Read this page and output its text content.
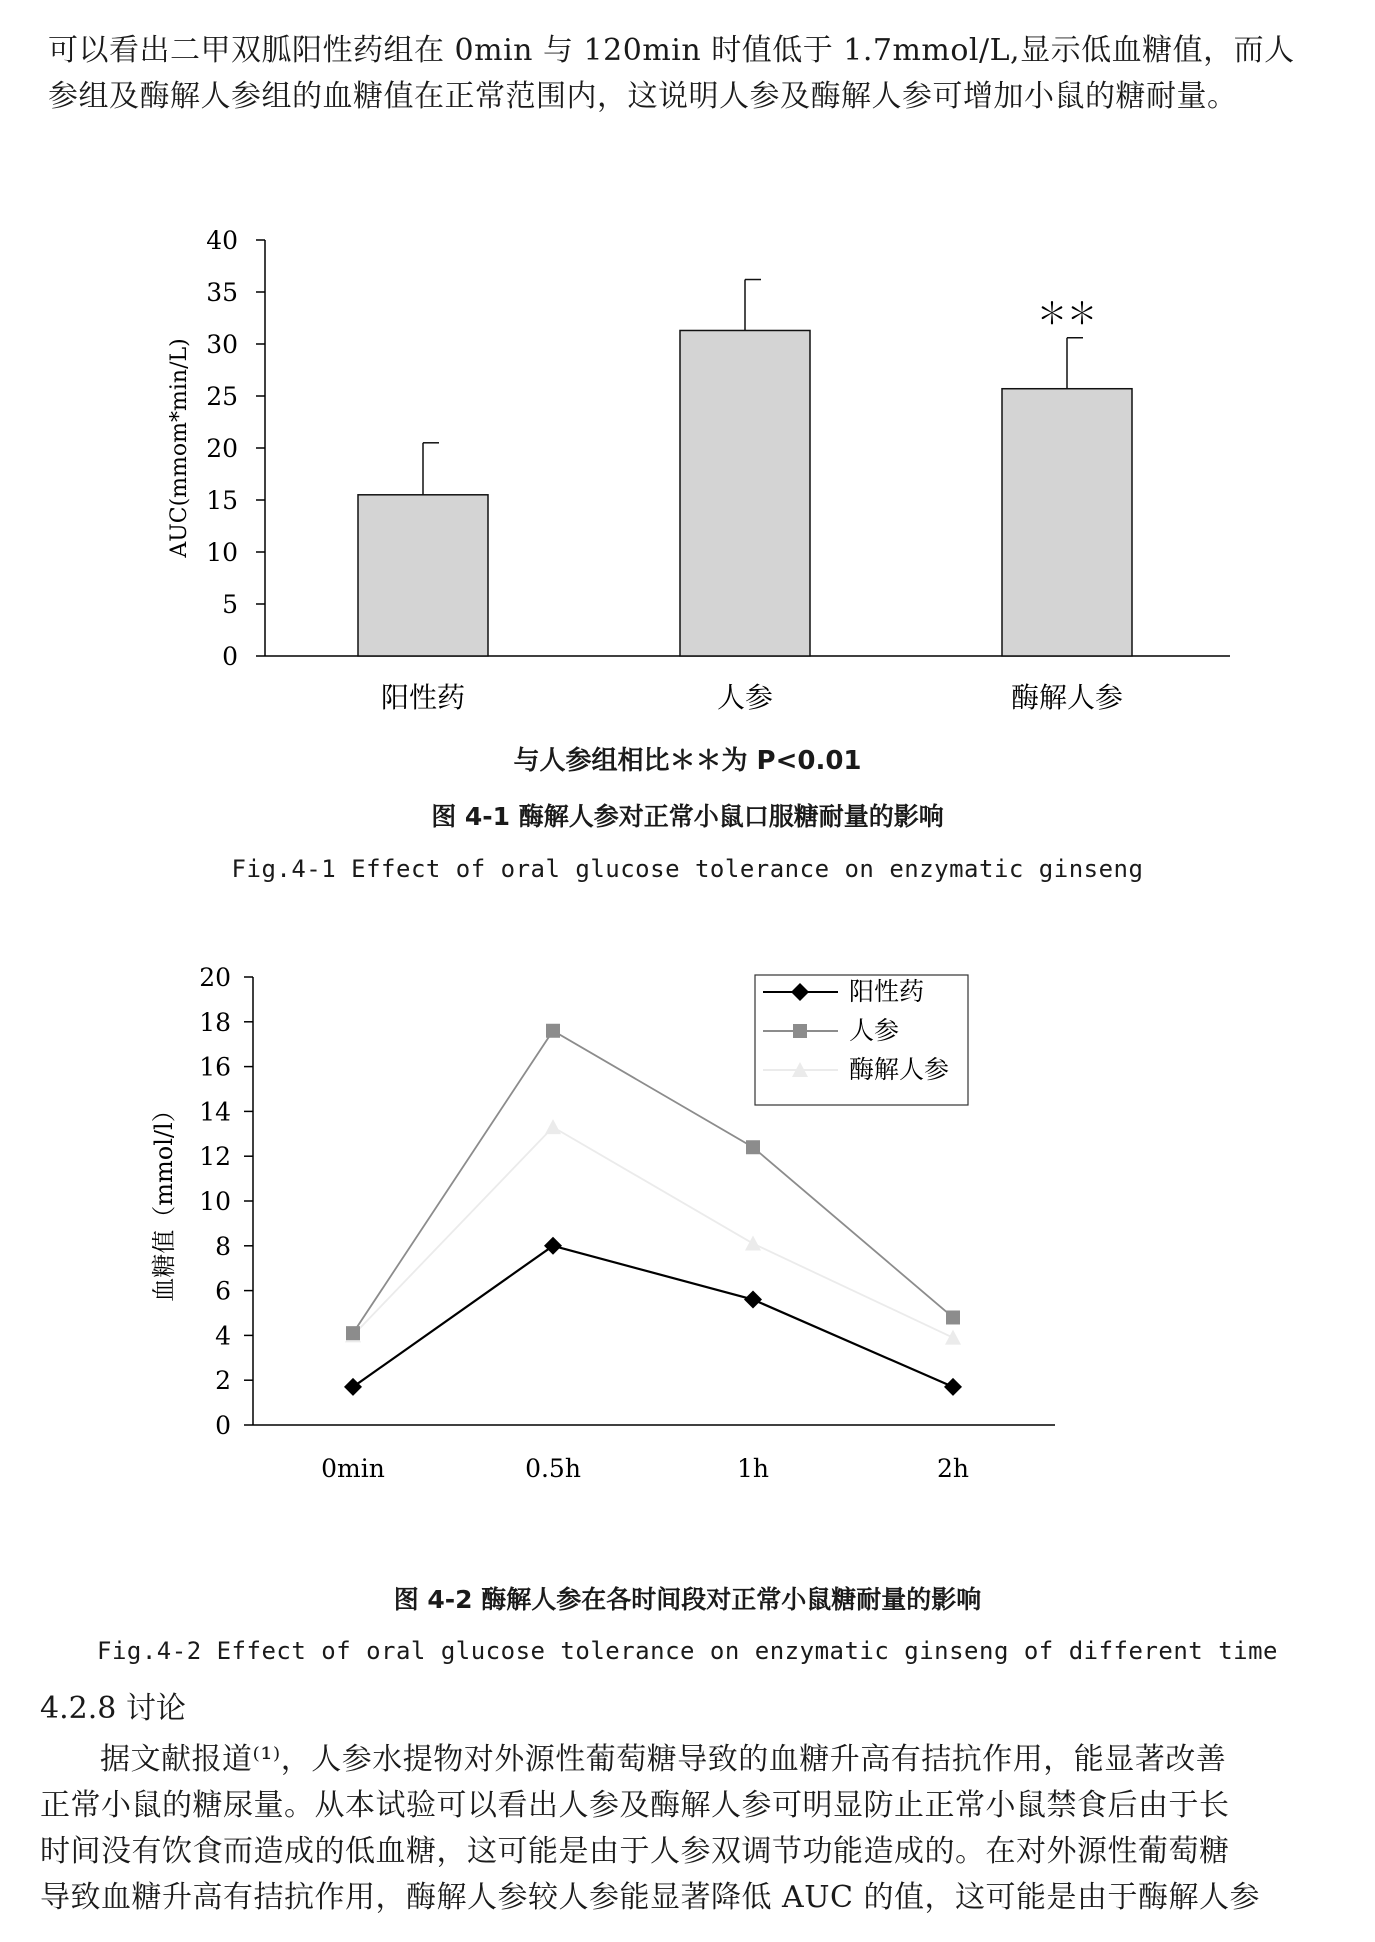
可以看出二甲双胍阳性药组在 0min 与 120min 时值低于 1.7mmol/L,显示低血糖值，而人
参组及酶解人参组的血糖值在正常范围内，这说明人参及酶解人参可增加小鼠的糖耐量。
0
5
10
15
20
25
30
35
40
＊＊
阳性药	人参	酶解人参
AUC(mmom*min/L)
与人参组相比＊＊为 P<0.01
图 4-1 酶解人参对正常小鼠口服糖耐量的影响
Fig.4-1 Effect of oral glucose tolerance on enzymatic ginseng
0
2
4
6
8
10
12
14
16
18
20
0min	0.5h	1h	2h
血糖值（mmol/l）
阳性药
人参
酶解人参
图 4-2 酶解人参在各时间段对正常小鼠糖耐量的影响
Fig.4-2 Effect of oral glucose tolerance on enzymatic ginseng of different time
4.2.8 讨论
据文献报道⁽¹⁾，人参水提物对外源性葡萄糖导致的血糖升高有拮抗作用，能显著改善
正常小鼠的糖尿量。从本试验可以看出人参及酶解人参可明显防止正常小鼠禁食后由于长
时间没有饮食而造成的低血糖，这可能是由于人参双调节功能造成的。在对外源性葡萄糖
导致血糖升高有拮抗作用，酶解人参较人参能显著降低 AUC 的值，这可能是由于酶解人参
